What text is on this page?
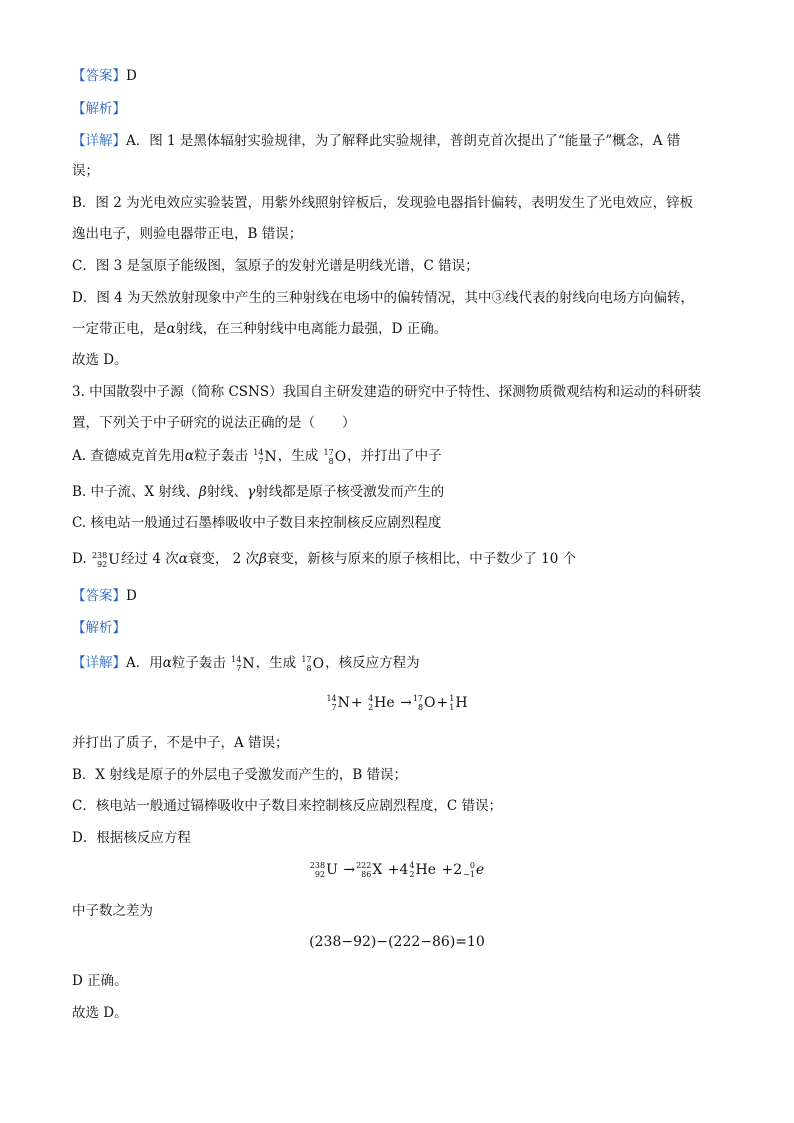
【答案】D
【解析】
【详解】A．图 1 是黑体辐射实验规律，为了解释此实验规律，普朗克首次提出了“能量子”概念，A 错
误；
B．图 2 为光电效应实验装置，用紫外线照射锌板后，发现验电器指针偏转，表明发生了光电效应，锌板
逸出电子，则验电器带正电，B 错误；
C．图 3 是氢原子能级图，氢原子的发射光谱是明线光谱，C 错误；
D．图 4 为天然放射现象中产生的三种射线在电场中的偏转情况，其中③线代表的射线向电场方向偏转，
一定带正电，是α射线，在三种射线中电离能力最强，D 正确。
故选 D。
3. 中国散裂中子源（简称 CSNS）我国自主研发建造的研究中子特性、探测物质微观结构和运动的科研装
置，下列关于中子研究的说法正确的是（　　）
A. 查德威克首先用α粒子轰击 14
7 N ，生成 17
8 O ，并打出了中子
B. 中子流、X 射线、β射线、γ射线都是原子核受激发而产生的
C. 核电站一般通过石墨棒吸收中子数目来控制核反应剧烈程度
D. 238
92 U 经过 4 次α衰变， 2 次β衰变，新核与原来的原子核相比，中子数少了 10 个
【答案】D
【解析】
【详解】A．用α粒子轰击 14
7 N ，生成 17
8 O ，核反应方程为
14
7 N + 4
2 He → 17
8 O + 1
1 H
并打出了质子，不是中子，A 错误；
B．X 射线是原子的外层电子受激发而产生的，B 错误；
C．核电站一般通过镉棒吸收中子数目来控制核反应剧烈程度，C 错误；
D．根据核反应方程
238
92 U → 222
86 X +4 4
2 He +2 0
−1 e
中子数之差为
(238−92)−(222−86)=10
D 正确。
故选 D。
